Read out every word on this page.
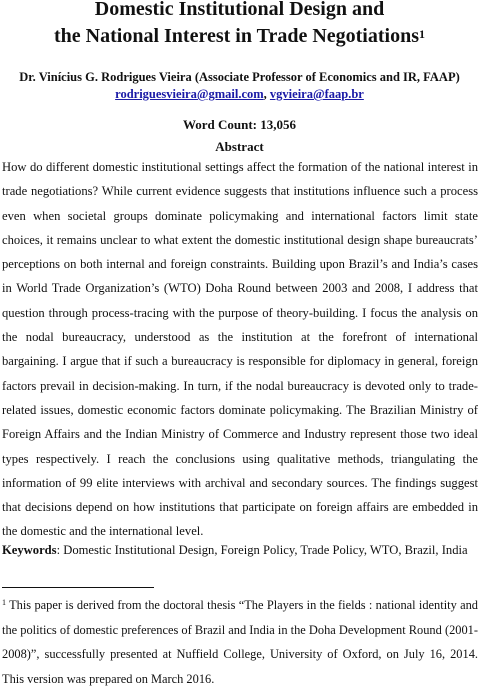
Domestic Institutional Design and
the National Interest in Trade Negotiations$^1$

Dr. Vinícius G. Rodrigues Vieira (Associate Professor of Economics and IR, FAAP)

rodriguesvieira@gmail.com, vgvieira@faap.br

Word Count: 13,056

Abstract

How do different domestic institutional settings affect the formation of the national interest in trade negotiations? While current evidence suggests that institutions influence such a process even when societal groups dominate policymaking and international factors limit state choices, it remains unclear to what extent the domestic institutional design shape bureaucrats’ perceptions on both internal and foreign constraints. Building upon Brazil’s and India’s cases in World Trade Organization’s (WTO) Doha Round between 2003 and 2008, I address that question through process-tracing with the purpose of theory-building. I focus the analysis on the nodal bureaucracy, understood as the institution at the forefront of international bargaining. I argue that if such a bureaucracy is responsible for diplomacy in general, foreign factors prevail in decision-making. In turn, if the nodal bureaucracy is devoted only to trade-related issues, domestic economic factors dominate policymaking. The Brazilian Ministry of Foreign Affairs and the Indian Ministry of Commerce and Industry represent those two ideal types respectively. I reach the conclusions using qualitative methods, triangulating the information of 99 elite interviews with archival and secondary sources. The findings suggest that decisions depend on how institutions that participate on foreign affairs are embedded in the domestic and the international level.

Keywords: Domestic Institutional Design, Foreign Policy, Trade Policy, WTO, Brazil, India

$^1$ This paper is derived from the doctoral thesis “The Players in the fields : national identity and the politics of domestic preferences of Brazil and India in the Doha Development Round (2001-2008)”, successfully presented at Nuffield College, University of Oxford, on July 16, 2014. This version was prepared on March 2016.
